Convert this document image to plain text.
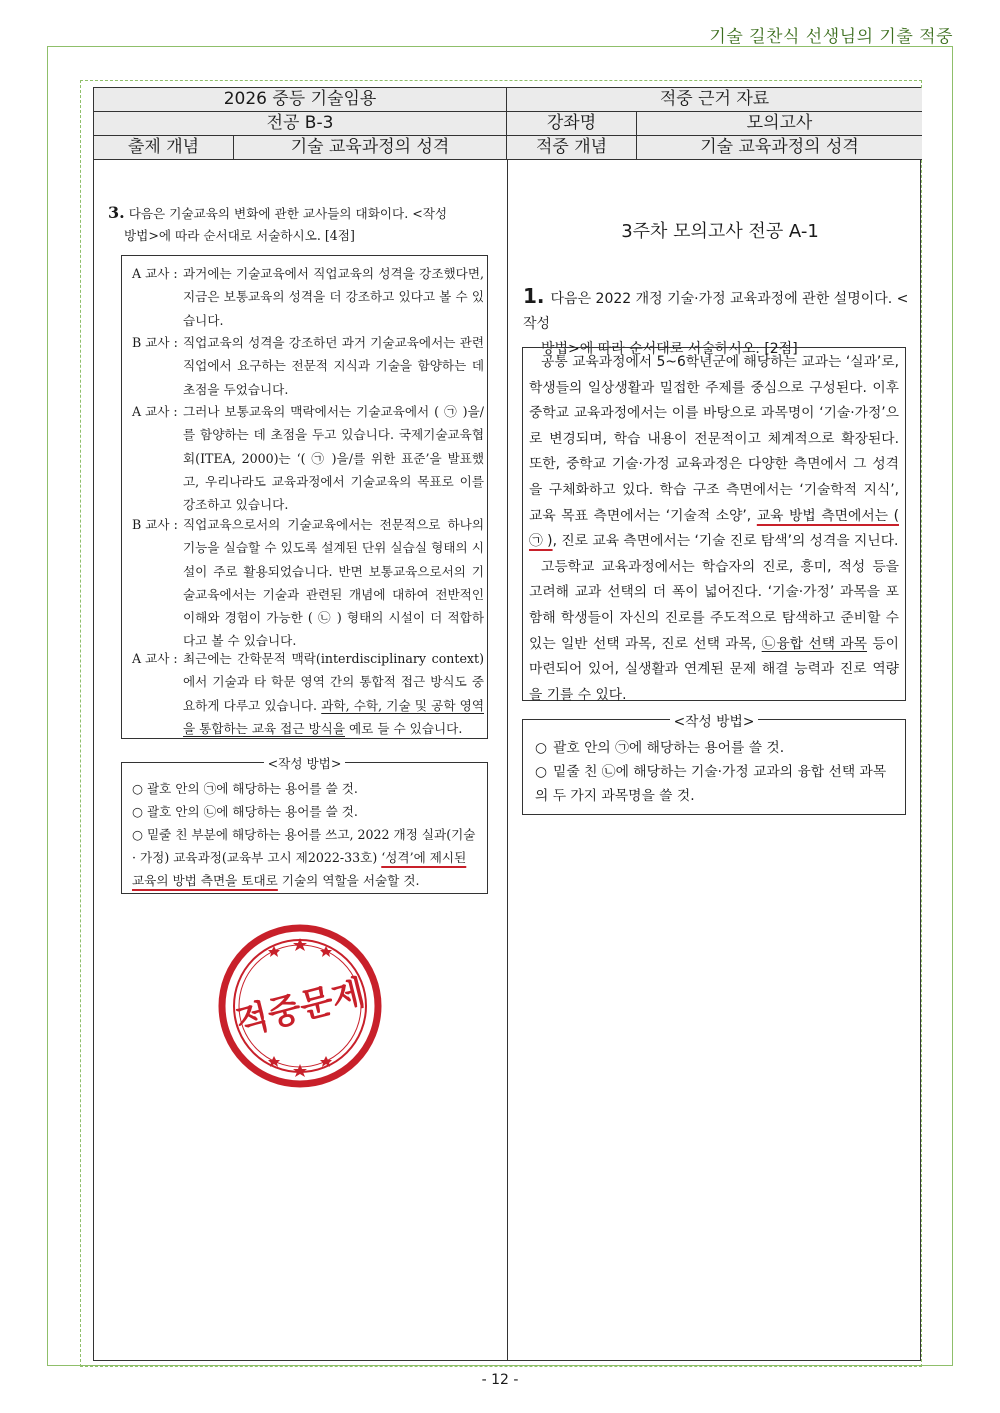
기술 길찬식 선생님의 기출 적중
2026 중등 기술임용	적중 근거 자료
전공 B-3	강좌명	모의고사
출제 개념	기술 교육과정의 성격	적중 개념	기술 교육과정의 성격
3. 다음은 기술교육의 변화에 관한 교사들의 대화이다. <작성
방법>에 따라 순서대로 서술하시오. [4점]
A 교사 : 과거에는 기술교육에서 직업교육의 성격을 강조했다면, 지금은 보통교육의 성격을 더 강조하고 있다고 볼 수 있습니다.
B 교사 : 직업교육의 성격을 강조하던 과거 기술교육에서는 관련 직업에서 요구하는 전문적 지식과 기술을 함양하는 데 초점을 두었습니다.
A 교사 : 그러나 보통교육의 맥락에서는 기술교육에서 ( ㉠ )을/를 함양하는 데 초점을 두고 있습니다. 국제기술교육협회(ITEA, 2000)는 ‘( ㉠ )을/를 위한 표준’을 발표했고, 우리나라도 교육과정에서 기술교육의 목표로 이를 강조하고 있습니다.
B 교사 : 직업교육으로서의 기술교육에서는 전문적으로 하나의 기능을 실습할 수 있도록 설계된 단위 실습실 형태의 시설이 주로 활용되었습니다. 반면 보통교육으로서의 기술교육에서는 기술과 관련된 개념에 대하여 전반적인 이해와 경험이 가능한 ( ㉡ ) 형태의 시설이 더 적합하다고 볼 수 있습니다.
A 교사 : 최근에는 간학문적 맥락(interdisciplinary context)에서 기술과 타 학문 영역 간의 통합적 접근 방식도 중요하게 다루고 있습니다. 과학, 수학, 기술 및 공학 영역을 통합하는 교육 접근 방식을 예로 들 수 있습니다.
<작성 방법>
○ 괄호 안의 ㉠에 해당하는 용어를 쓸 것.
○ 괄호 안의 ㉡에 해당하는 용어를 쓸 것.
○ 밑줄 친 부분에 해당하는 용어를 쓰고, 2022 개정 실과(기술 · 가정) 교육과정(교육부 고시 제2022-33호) ‘성격’에 제시된 교육의 방법 측면을 토대로 기술의 역할을 서술할 것.
적중문제
3주차 모의고사 전공 A-1
1. 다음은 2022 개정 기술·가정 교육과정에 관한 설명이다. <작성
방법>에 따라 순서대로 서술하시오. [2점]

공통 교육과정에서 5~6학년군에 해당하는 교과는 ‘실과’로, 학생들의 일상생활과 밀접한 주제를 중심으로 구성된다. 이후 중학교 교육과정에서는 이를 바탕으로 과목명이 ‘기술·가정’으로 변경되며, 학습 내용이 전문적이고 체계적으로 확장된다. 또한, 중학교 기술·가정 교육과정은 다양한 측면에서 그 성격을 구체화하고 있다. 학습 구조 측면에서는 ‘기술학적 지식’, 교육 목표 측면에서는 ‘기술적 소양’, 교육 방법 측면에서는 ( ㉠ ), 진로 교육 측면에서는 ‘기술 진로 탐색’의 성격을 지닌다.

고등학교 교육과정에서는 학습자의 진로, 흥미, 적성 등을 고려해 교과 선택의 더 폭이 넓어진다. ‘기술·가정’ 과목을 포함해 학생들이 자신의 진로를 주도적으로 탐색하고 준비할 수 있는 일반 선택 과목, 진로 선택 과목, ㉡융합 선택 과목 등이 마련되어 있어, 실생활과 연계된 문제 해결 능력과 진로 역량을 기를 수 있다.

<작성 방법>
○ 괄호 안의 ㉠에 해당하는 용어를 쓸 것.
○ 밑줄 친 ㉡에 해당하는 기술·가정 교과의 융합 선택 과목의 두 가지 과목명을 쓸 것.
- 12 -
